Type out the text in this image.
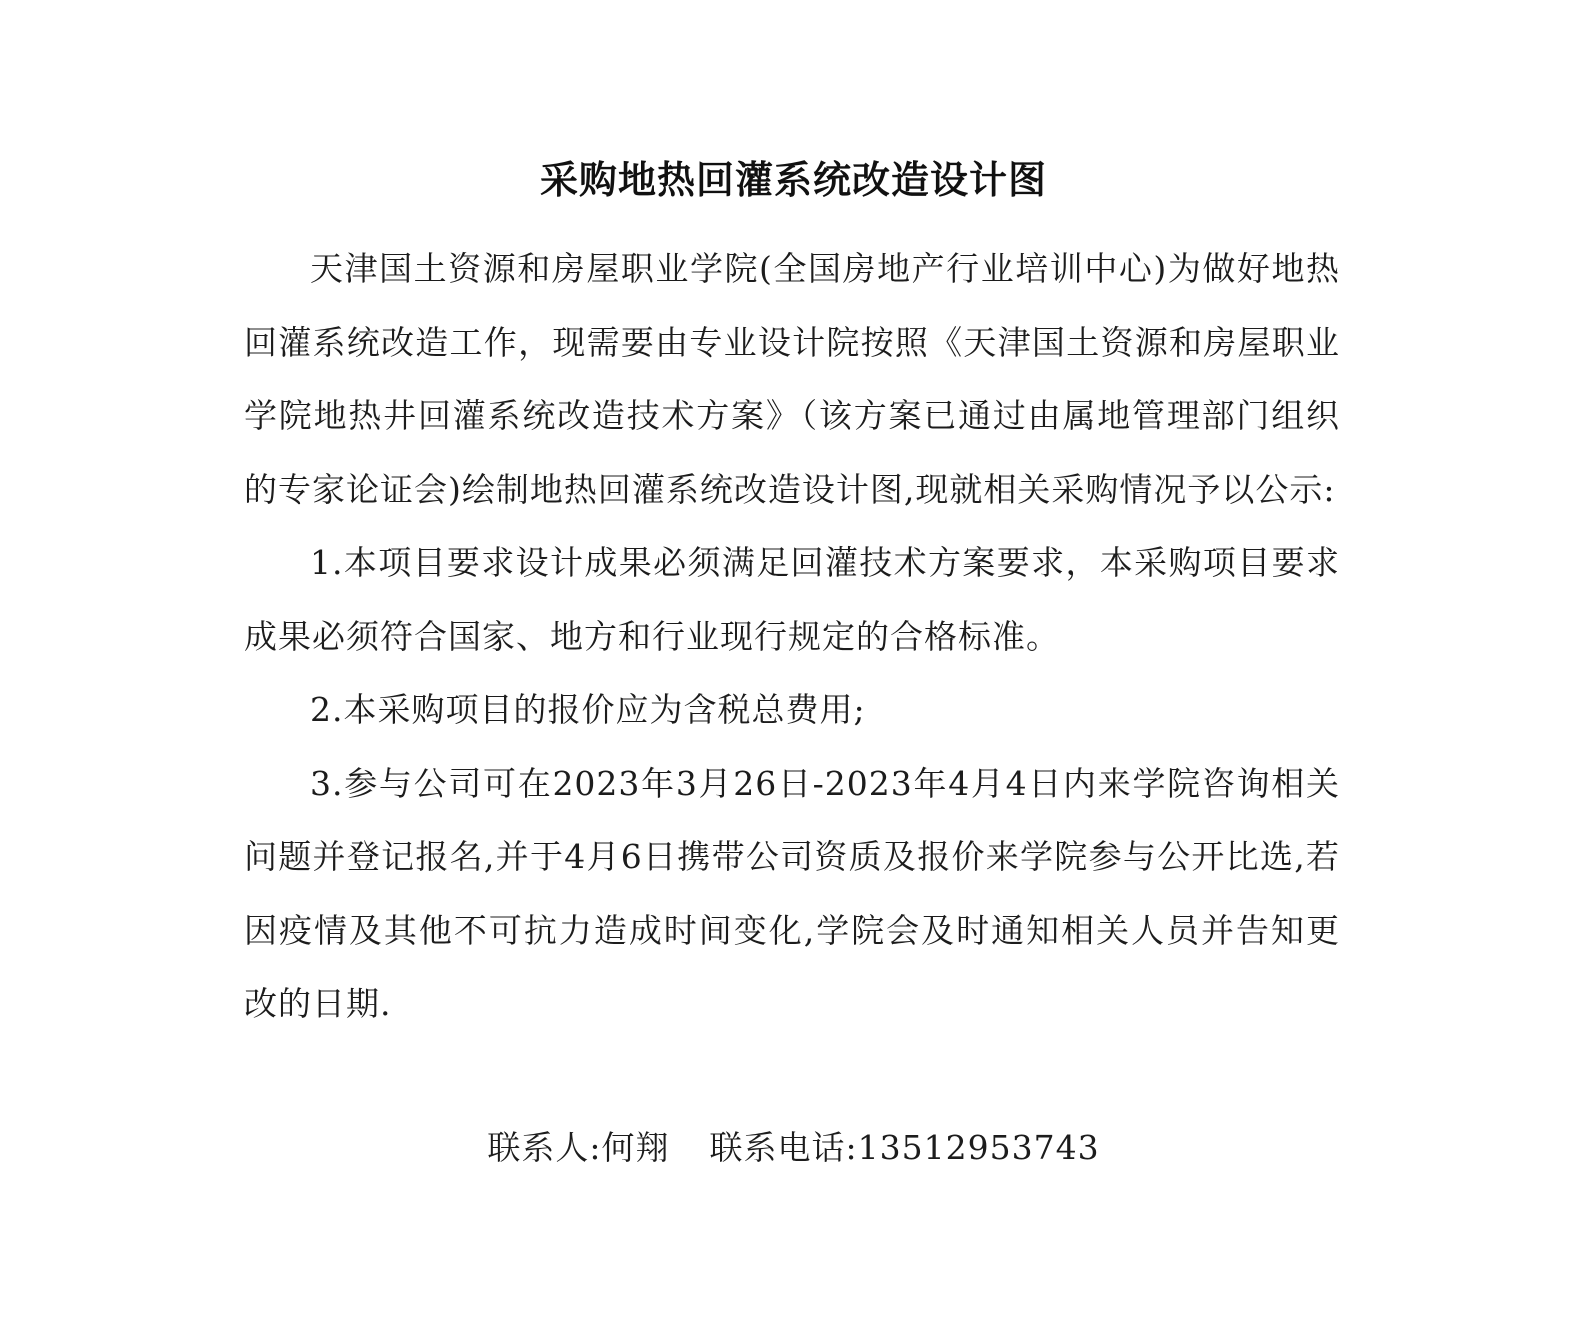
采购地热回灌系统改造设计图

天津国土资源和房屋职业学院(全国房地产行业培训中心)为做好地热回灌系统改造工作，现需要由专业设计院按照《天津国土资源和房屋职业学院地热井回灌系统改造技术方案》（该方案已通过由属地管理部门组织的专家论证会)绘制地热回灌系统改造设计图,现就相关采购情况予以公示:

1.本项目要求设计成果必须满足回灌技术方案要求，本采购项目要求成果必须符合国家、地方和行业现行规定的合格标准。

2.本采购项目的报价应为含税总费用;

3.参与公司可在2023年3月26日-2023年4月4日内来学院咨询相关问题并登记报名,并于4月6日携带公司资质及报价来学院参与公开比选,若因疫情及其他不可抗力造成时间变化,学院会及时通知相关人员并告知更改的日期.

联系人:何翔 联系电话:13512953743
